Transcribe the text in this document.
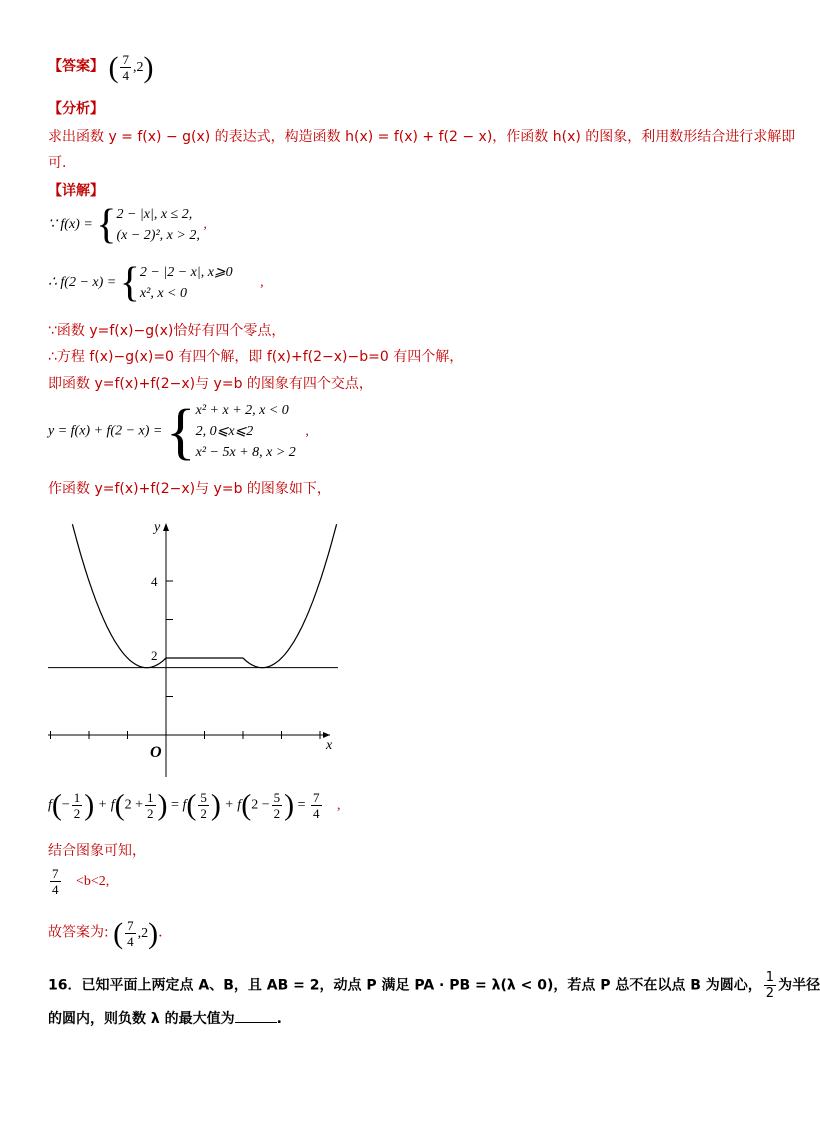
【答案】 ( $\frac{7}{4} ,2$)
【分析】
求出函数 y = f(x) − g(x) 的表达式，构造函数 h(x) = f(x) + f(2 − x)，作函数 h(x) 的图象，利用数形结合进行求解即
可.
【详解】
∵ f(x) = {2 − |x|, x ≤ 2,
(x − 2)², x > 2, ,
∴ f(2 − x) = {2 − |2 − x|, x⩾0
x², x < 0 ,
∵函数 y=f(x)−g(x)恰好有四个零点，
∴方程 f(x)−g(x)=0 有四个解，即 f(x)+f(2−x)−b=0 有四个解，
即函数 y=f(x)+f(2−x)与 y=b 的图象有四个交点，
y = f(x) + f(2 − x) = {x² + x + 2, x < 0
2, 0⩽x⩽2
x² − 5x + 8, x > 2 ,
作函数 y=f(x)+f(2−x)与 y=b 的图象如下，
4
2
x
y
O
$f(- \frac{1}{2}$ ) + $f(2 + \frac{1}{2}$ ) = $f( \frac{5}{2}$ ) + $f(2 - \frac{5}{2}$ ) = $\frac{7}{4}$ ,
结合图象可知，
$\frac{7}{4} <b<2$,
故答案为: ( $\frac{7}{4} ,2$).
16．已知平面上两定点 A、B，且 AB = 2，动点 P 满足 PA · PB = λ(λ < 0)，若点 P 总不在以点 B 为圆心， $\frac{1}{2}$ 为半径
的圆内，则负数 λ 的最大值为	.
